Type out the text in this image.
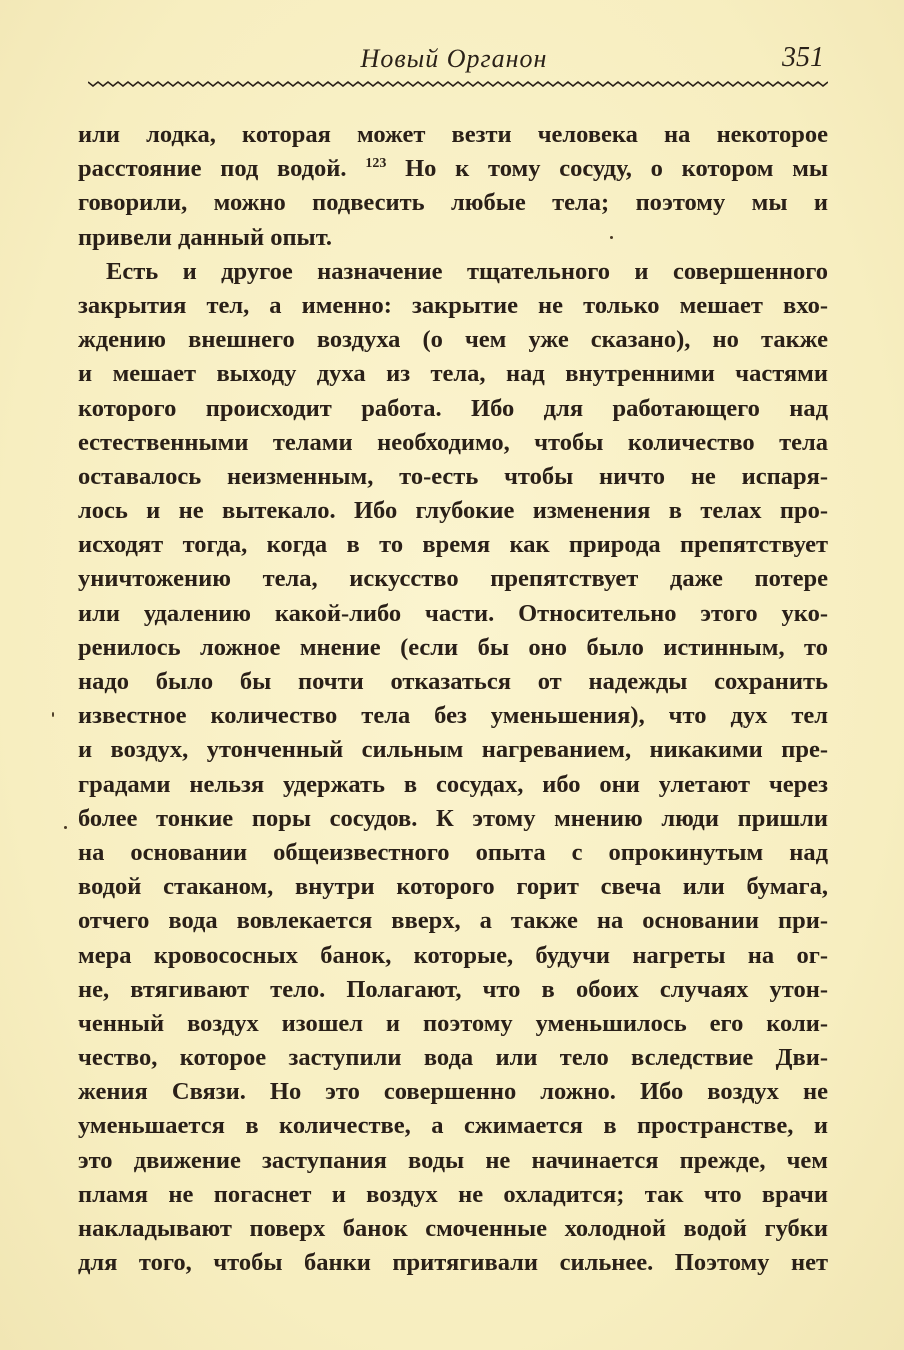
Новый Органон	351
или лодка, которая может везти человека на некоторое
расстояние под водой. $^{123}$ Но к тому сосуду, о котором мы
говорили, можно подвесить любые тела; поэтому мы и
привели данный опыт.
Есть и другое назначение тщательного и совершенного
закрытия тел, а именно: закрытие не только мешает вхо-
ждению внешнего воздуха (о чем уже сказано), но также
и мешает выходу духа из тела, над внутренними частями
которого происходит работа. Ибо для работающего над
естественными телами необходимо, чтобы количество тела
оставалось неизменным, то-есть чтобы ничто не испаря-
лось и не вытекало. Ибо глубокие изменения в телах про-
исходят тогда, когда в то время как природа препятствует
уничтожению тела, искусство препятствует даже потере
или удалению какой-либо части. Относительно этого уко-
ренилось ложное мнение (если бы оно было истинным, то
надо было бы почти отказаться от надежды сохранить
известное количество тела без уменьшения), что дух тел
и воздух, утонченный сильным нагреванием, никакими пре-
градами нельзя удержать в сосудах, ибо они улетают через
более тонкие поры сосудов. К этому мнению люди пришли
на основании общеизвестного опыта с опрокинутым над
водой стаканом, внутри которого горит свеча или бумага,
отчего вода вовлекается вверх, а также на основании при-
мера кровососных банок, которые, будучи нагреты на ог-
не, втягивают тело. Полагают, что в обоих случаях утон-
ченный воздух изошел и поэтому уменьшилось его коли-
чество, которое заступили вода или тело вследствие Дви-
жения Связи. Но это совершенно ложно. Ибо воздух не
уменьшается в количестве, а сжимается в пространстве, и
это движение заступания воды не начинается прежде, чем
пламя не погаснет и воздух не охладится; так что врачи
накладывают поверх банок смоченные холодной водой губки
для того, чтобы банки притягивали сильнее. Поэтому нет
